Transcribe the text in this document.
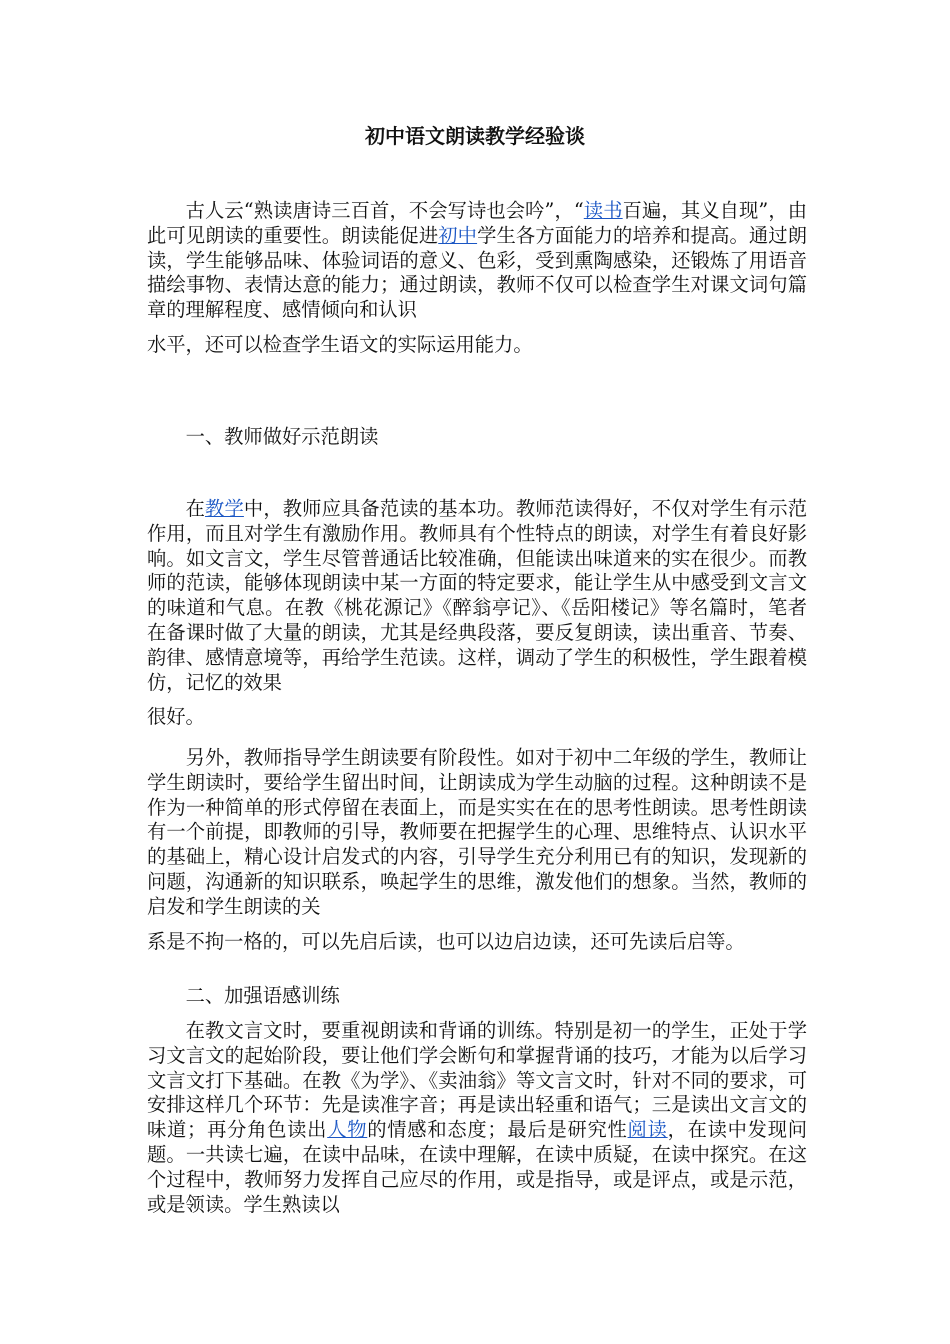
初中语文朗读教学经验谈

古人云“熟读唐诗三百首，不会写诗也会吟”，“读书百遍，其义自现”，由此可见朗读的重要性。朗读能促进初中学生各方面能力的培养和提高。通过朗读，学生能够品味、体验词语的意义、色彩，受到熏陶感染，还锻炼了用语音描绘事物、表情达意的能力；通过朗读，教师不仅可以检查学生对课文词句篇章的理解程度、感情倾向和认识
水平，还可以检查学生语文的实际运用能力。

一、教师做好示范朗读

在教学中，教师应具备范读的基本功。教师范读得好，不仅对学生有示范作用，而且对学生有激励作用。教师具有个性特点的朗读，对学生有着良好影响。如文言文，学生尽管普通话比较准确，但能读出味道来的实在很少。而教师的范读，能够体现朗读中某一方面的特定要求，能让学生从中感受到文言文的味道和气息。在教《桃花源记》《醉翁亭记》、《岳阳楼记》等名篇时，笔者在备课时做了大量的朗读，尤其是经典段落，要反复朗读，读出重音、节奏、韵律、感情意境等，再给学生范读。这样，调动了学生的积极性，学生跟着模仿，记忆的效果
很好。

另外，教师指导学生朗读要有阶段性。如对于初中二年级的学生，教师让学生朗读时，要给学生留出时间，让朗读成为学生动脑的过程。这种朗读不是作为一种简单的形式停留在表面上，而是实实在在的思考性朗读。思考性朗读有一个前提，即教师的引导，教师要在把握学生的心理、思维特点、认识水平的基础上，精心设计启发式的内容，引导学生充分利用已有的知识，发现新的问题，沟通新的知识联系，唤起学生的思维，激发他们的想象。当然，教师的启发和学生朗读的关
系是不拘一格的，可以先启后读，也可以边启边读，还可先读后启等。

二、加强语感训练

在教文言文时，要重视朗读和背诵的训练。特别是初一的学生，正处于学习文言文的起始阶段，要让他们学会断句和掌握背诵的技巧，才能为以后学习文言文打下基础。在教《为学》、《卖油翁》等文言文时，针对不同的要求，可安排这样几个环节：先是读准字音；再是读出轻重和语气；三是读出文言文的味道；再分角色读出人物的情感和态度；最后是研究性阅读，在读中发现问题。一共读七遍，在读中品味，在读中理解，在读中质疑，在读中探究。在这个过程中，教师努力发挥自己应尽的作用，或是指导，或是评点，或是示范，或是领读。学生熟读以
